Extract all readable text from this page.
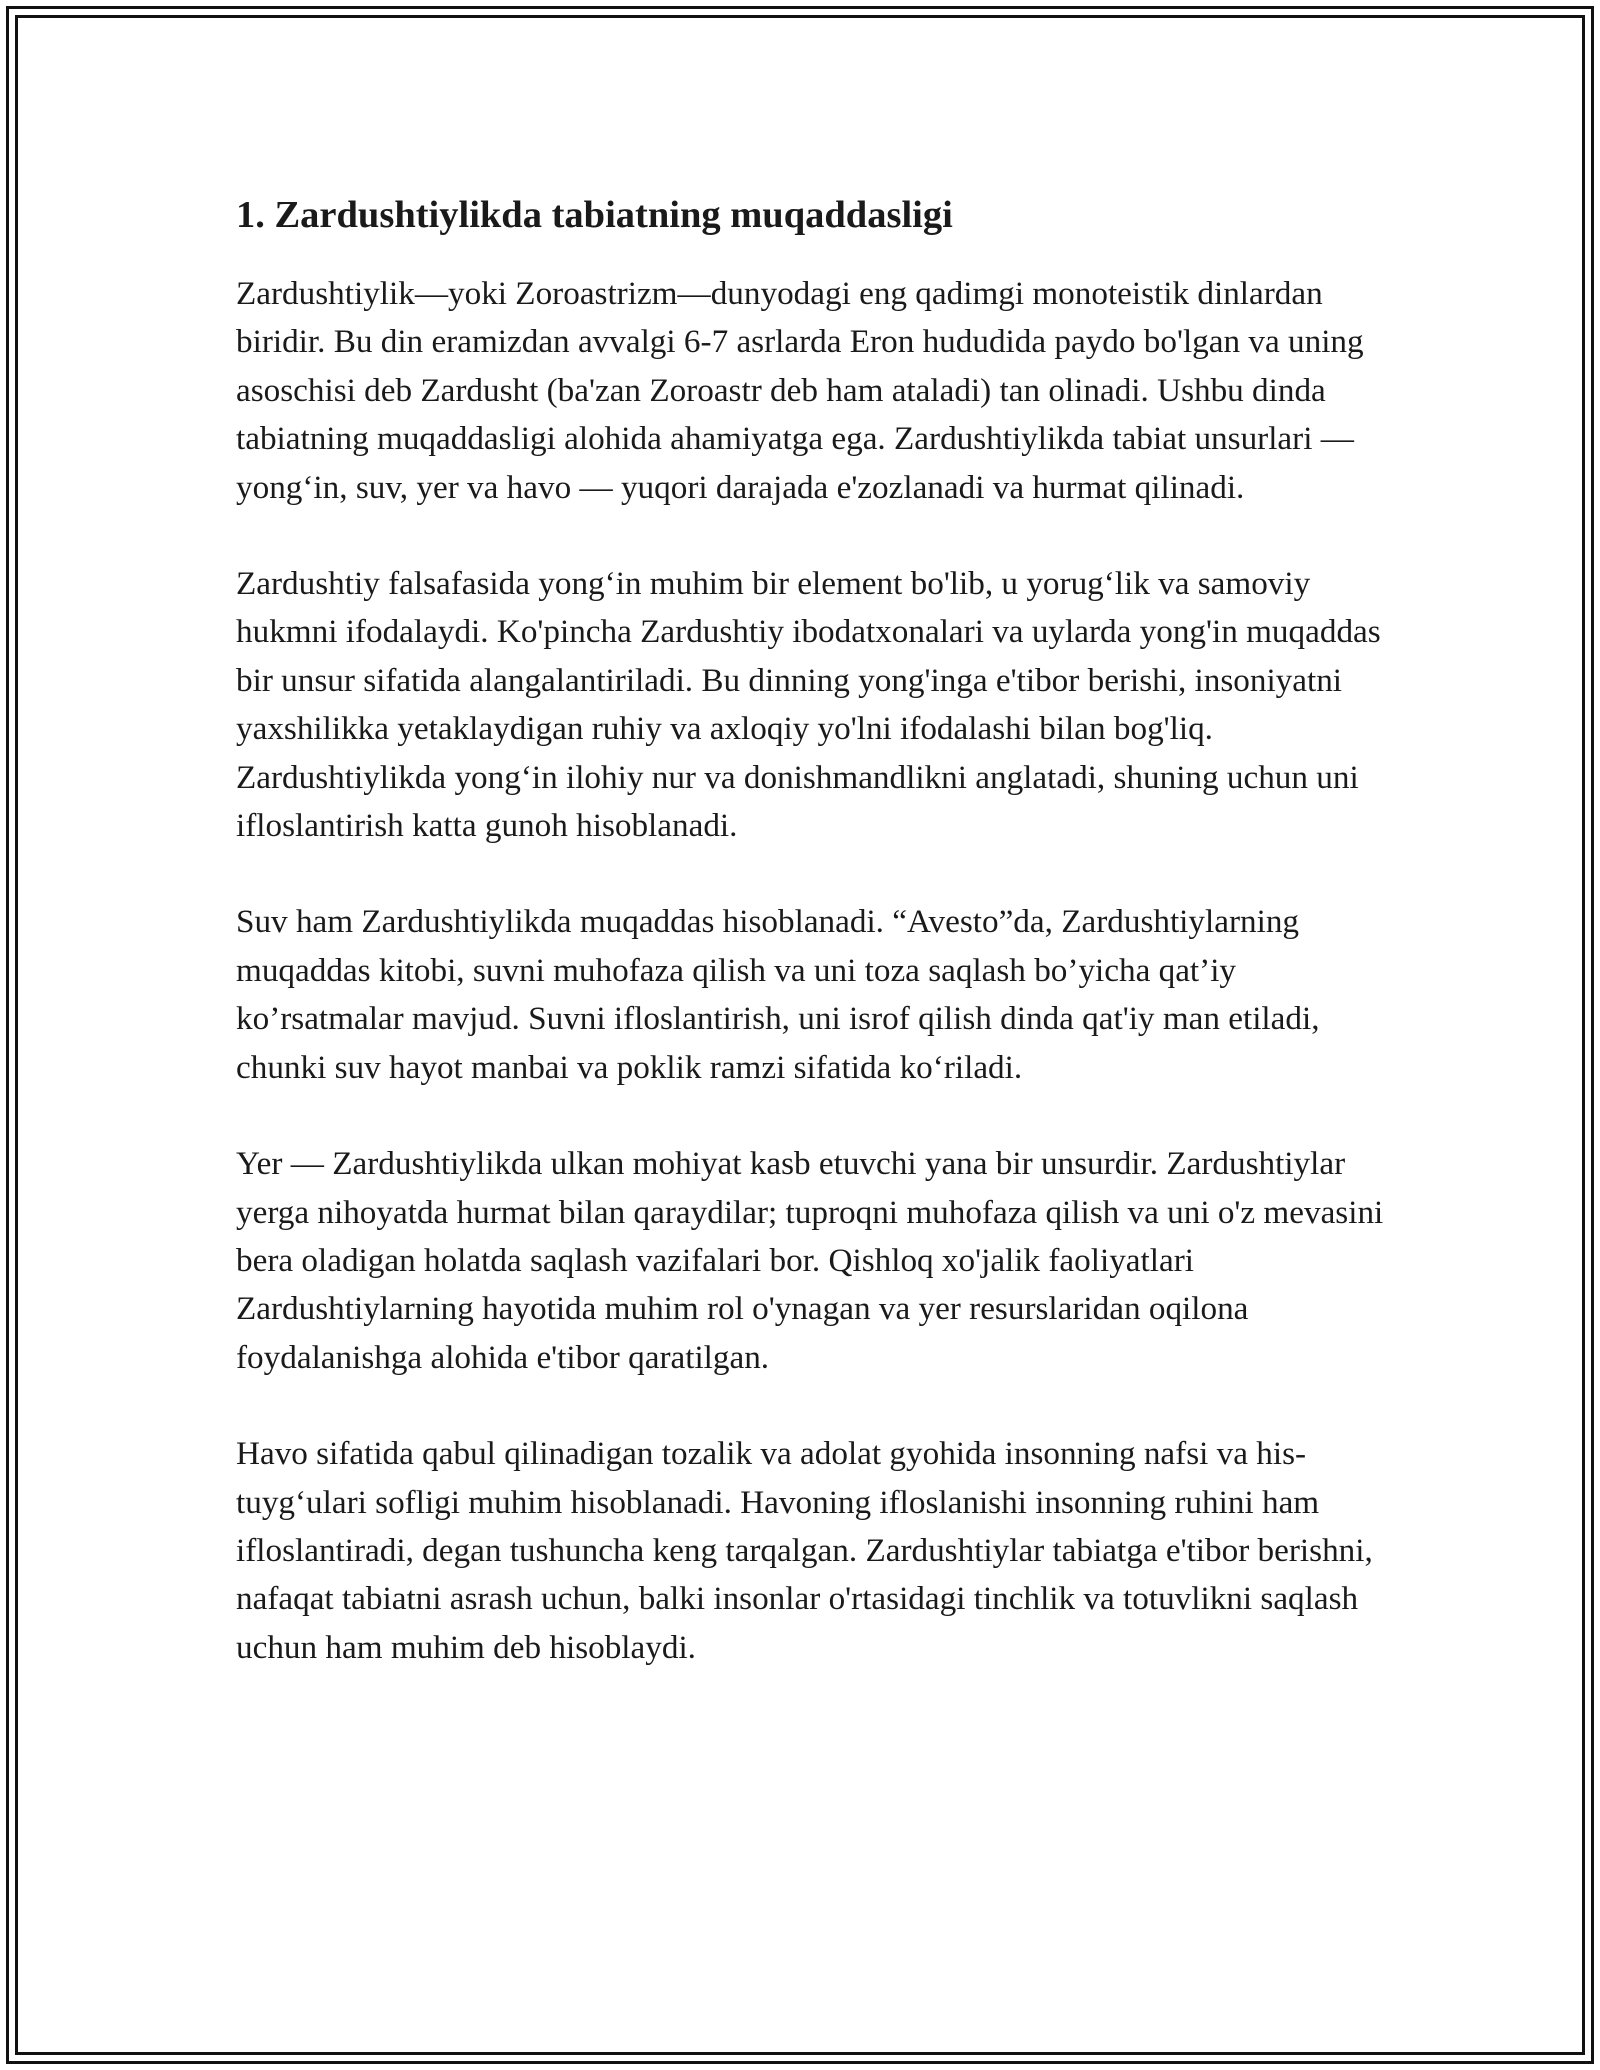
1. Zardushtiylikda tabiatning muqaddasligi

Zardushtiylik—yoki Zoroastrizm—dunyodagi eng qadimgi monoteistik dinlardan biridir. Bu din eramizdan avvalgi 6-7 asrlarda Eron hududida paydo bo'lgan va uning asoschisi deb Zardusht (ba'zan Zoroastr deb ham ataladi) tan olinadi. Ushbu dinda tabiatning muqaddasligi alohida ahamiyatga ega. Zardushtiylikda tabiat unsurlari — yong‘in, suv, yer va havo — yuqori darajada e'zozlanadi va hurmat qilinadi.

Zardushtiy falsafasida yong‘in muhim bir element bo'lib, u yorug‘lik va samoviy hukmni ifodalaydi. Ko'pincha Zardushtiy ibodatxonalari va uylarda yong'in muqaddas bir unsur sifatida alangalantiriladi. Bu dinning yong'inga e'tibor berishi, insoniyatni yaxshilikka yetaklaydigan ruhiy va axloqiy yo'lni ifodalashi bilan bog'liq. Zardushtiylikda yong‘in ilohiy nur va donishmandlikni anglatadi, shuning uchun uni ifloslantirish katta gunoh hisoblanadi.

Suv ham Zardushtiylikda muqaddas hisoblanadi. “Avesto”da, Zardushtiylarning muqaddas kitobi, suvni muhofaza qilish va uni toza saqlash bo’yicha qat’iy ko’rsatmalar mavjud. Suvni ifloslantirish, uni isrof qilish dinda qat'iy man etiladi, chunki suv hayot manbai va poklik ramzi sifatida ko‘riladi.

Yer — Zardushtiylikda ulkan mohiyat kasb etuvchi yana bir unsurdir. Zardushtiylar yerga nihoyatda hurmat bilan qaraydilar; tuproqni muhofaza qilish va uni o'z mevasini bera oladigan holatda saqlash vazifalari bor. Qishloq xo'jalik faoliyatlari Zardushtiylarning hayotida muhim rol o'ynagan va yer resurslaridan oqilona foydalanishga alohida e'tibor qaratilgan.

Havo sifatida qabul qilinadigan tozalik va adolat gyohida insonning nafsi va his-tuyg‘ulari sofligi muhim hisoblanadi. Havoning ifloslanishi insonning ruhini ham ifloslantiradi, degan tushuncha keng tarqalgan. Zardushtiylar tabiatga e'tibor berishni, nafaqat tabiatni asrash uchun, balki insonlar o'rtasidagi tinchlik va totuvlikni saqlash uchun ham muhim deb hisoblaydi.
